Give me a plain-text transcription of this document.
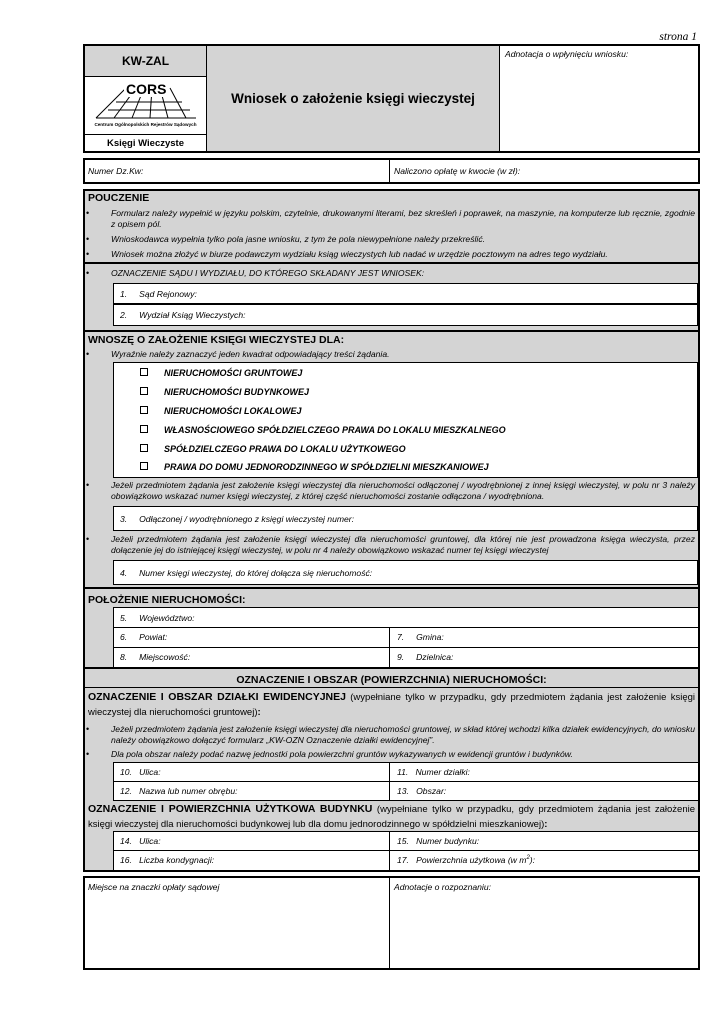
strona 1
KW-ZAL
CORS
Centrum Ogólnopolskich Rejestrów Sądowych
Księgi Wieczyste
Wniosek o założenie księgi wieczystej
Adnotacja o wpłynięciu wniosku:
Numer Dz.Kw:	Naliczono opłatę w kwocie (w zł):
POUCZENIE
•	Formularz należy wypełnić w języku polskim, czytelnie, drukowanymi literami, bez skreśleń i poprawek, na maszynie, na komputerze lub ręcznie, zgodnie z opisem pól.
•	Wnioskodawca wypełnia tylko pola jasne wniosku, z tym że pola niewypełnione należy przekreślić.
•	Wniosek można złożyć w biurze podawczym wydziału ksiąg wieczystych lub nadać w urzędzie pocztowym na adres tego wydziału.
•	OZNACZENIE SĄDU I WYDZIAŁU, DO KTÓREGO SKŁADANY JEST WNIOSEK:
1.     Sąd Rejonowy:
2.     Wydział Ksiąg Wieczystych:
WNOSZĘ O ZAŁOŻENIE KSIĘGI WIECZYSTEJ DLA:
•	Wyraźnie należy zaznaczyć jeden kwadrat odpowiadający treści żądania.
NIERUCHOMOŚCI GRUNTOWEJ
NIERUCHOMOŚCI BUDYNKOWEJ
NIERUCHOMOŚCI LOKALOWEJ
WŁASNOŚCIOWEGO SPÓŁDZIELCZEGO PRAWA DO LOKALU MIESZKALNEGO
SPÓŁDZIELCZEGO PRAWA DO LOKALU UŻYTKOWEGO
PRAWA DO DOMU JEDNORODZINNEGO W SPÓŁDZIELNI MIESZKANIOWEJ
•	Jeżeli przedmiotem żądania jest założenie księgi wieczystej dla nieruchomości odłączonej / wyodrębnionej z innej księgi wieczystej, w polu nr 3 należy obowiązkowo wskazać numer księgi wieczystej, z której część nieruchomości zostanie odłączona / wyodrębniona.
3.     Odłączonej / wyodrębnionego z księgi wieczystej numer:
•	Jeżeli przedmiotem żądania jest założenie księgi wieczystej dla nieruchomości gruntowej, dla której nie jest prowadzona księga wieczysta, przez dołączenie jej do istniejącej księgi wieczystej, w polu nr 4 należy obowiązkowo wskazać numer tej księgi wieczystej
4.     Numer księgi wieczystej, do której dołącza się nieruchomość:
POŁOŻENIE NIERUCHOMOŚCI:
5.     Województwo:
6.     Powiat:	7.     Gmina:
8.     Miejscowość:	9.     Dzielnica:
OZNACZENIE I OBSZAR (POWIERZCHNIA) NIERUCHOMOŚCI:
OZNACZENIE I OBSZAR DZIAŁKI EWIDENCYJNEJ (wypełniane tylko w przypadku, gdy przedmiotem żądania jest założenie księgi wieczystej dla nieruchomości gruntowej):
•	Jeżeli przedmiotem żądania jest założenie księgi wieczystej dla nieruchomości gruntowej, w skład której wchodzi kilka działek ewidencyjnych, do wniosku należy obowiązkowo dołączyć formularz „KW-OZN Oznaczenie działki ewidencyjnej”.
•	Dla pola obszar należy podać nazwę jednostki pola powierzchni gruntów wykazywanych w ewidencji gruntów i budynków.
10.   Ulica:	11.   Numer działki:
12.   Nazwa lub numer obrębu:	13.   Obszar:
OZNACZENIE I POWIERZCHNIA UŻYTKOWA BUDYNKU (wypełniane tylko w przypadku, gdy przedmiotem żądania jest założenie księgi wieczystej dla nieruchomości budynkowej lub dla domu jednorodzinnego w spółdzielni mieszkaniowej):
14.   Ulica:	15.   Numer budynku:
16.   Liczba kondygnacji:	17.   Powierzchnia użytkowa (w $m^2$):
Miejsce na znaczki opłaty sądowej	Adnotacje o rozpoznaniu:
